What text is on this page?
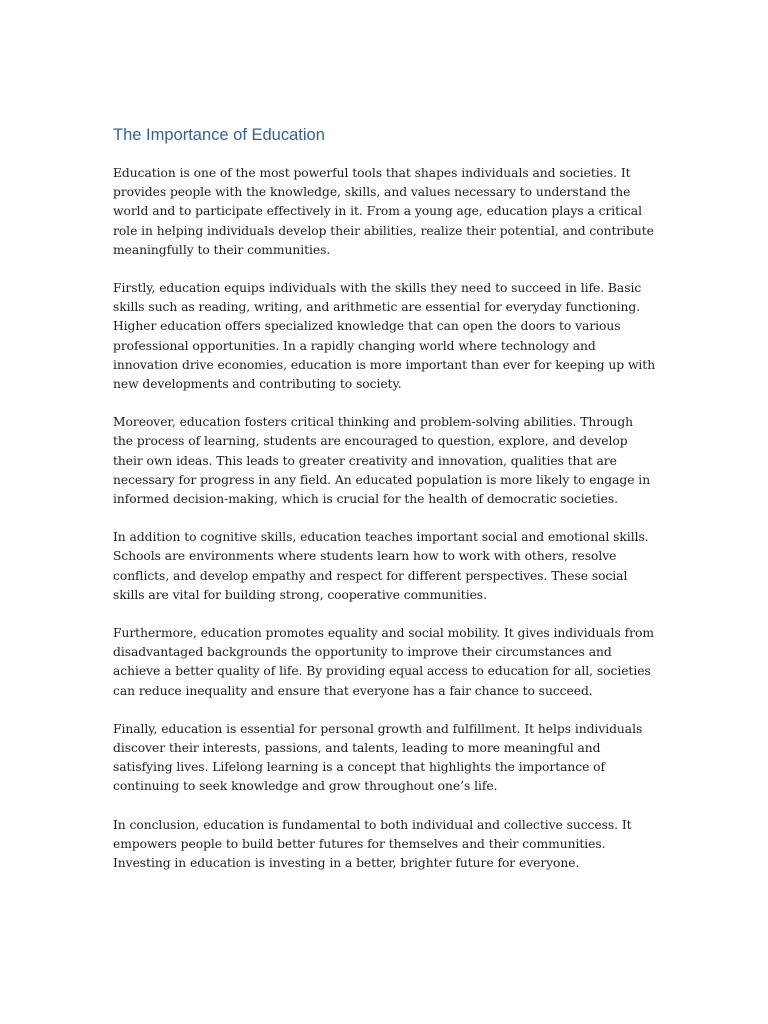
The Importance of Education

Education is one of the most powerful tools that shapes individuals and societies. It provides people with the knowledge, skills, and values necessary to understand the world and to participate effectively in it. From a young age, education plays a critical role in helping individuals develop their abilities, realize their potential, and contribute meaningfully to their communities.

Firstly, education equips individuals with the skills they need to succeed in life. Basic skills such as reading, writing, and arithmetic are essential for everyday functioning. Higher education offers specialized knowledge that can open the doors to various professional opportunities. In a rapidly changing world where technology and innovation drive economies, education is more important than ever for keeping up with new developments and contributing to society.

Moreover, education fosters critical thinking and problem-solving abilities. Through the process of learning, students are encouraged to question, explore, and develop their own ideas. This leads to greater creativity and innovation, qualities that are necessary for progress in any field. An educated population is more likely to engage in informed decision-making, which is crucial for the health of democratic societies.

In addition to cognitive skills, education teaches important social and emotional skills. Schools are environments where students learn how to work with others, resolve conflicts, and develop empathy and respect for different perspectives. These social skills are vital for building strong, cooperative communities.

Furthermore, education promotes equality and social mobility. It gives individuals from disadvantaged backgrounds the opportunity to improve their circumstances and achieve a better quality of life. By providing equal access to education for all, societies can reduce inequality and ensure that everyone has a fair chance to succeed.

Finally, education is essential for personal growth and fulfillment. It helps individuals discover their interests, passions, and talents, leading to more meaningful and satisfying lives. Lifelong learning is a concept that highlights the importance of continuing to seek knowledge and grow throughout one’s life.

In conclusion, education is fundamental to both individual and collective success. It empowers people to build better futures for themselves and their communities. Investing in education is investing in a better, brighter future for everyone.
